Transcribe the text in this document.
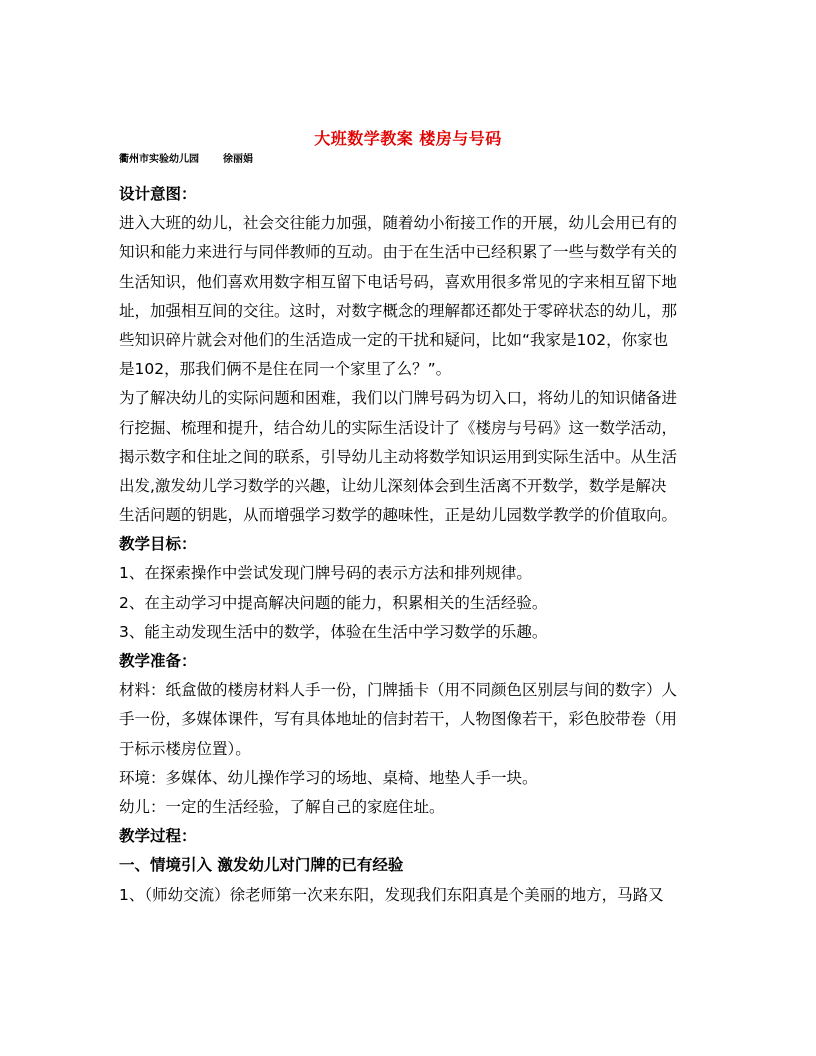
大班数学教案 楼房与号码
衢州市实验幼儿园 徐丽娟
设计意图：
进入大班的幼儿，社会交往能力加强，随着幼小衔接工作的开展，幼儿会用已有的
知识和能力来进行与同伴教师的互动。由于在生活中已经积累了一些与数学有关的
生活知识，他们喜欢用数字相互留下电话号码，喜欢用很多常见的字来相互留下地
址，加强相互间的交往。这时，对数字概念的理解都还都处于零碎状态的幼儿，那
些知识碎片就会对他们的生活造成一定的干扰和疑问，比如“我家是102，你家也
是102，那我们俩不是住在同一个家里了么？”。
为了解决幼儿的实际问题和困难，我们以门牌号码为切入口，将幼儿的知识储备进
行挖掘、梳理和提升，结合幼儿的实际生活设计了《楼房与号码》这一数学活动，
揭示数字和住址之间的联系，引导幼儿主动将数学知识运用到实际生活中。从生活
出发,激发幼儿学习数学的兴趣，让幼儿深刻体会到生活离不开数学，数学是解决
生活问题的钥匙，从而增强学习数学的趣味性，正是幼儿园数学教学的价值取向。
教学目标：
1、在探索操作中尝试发现门牌号码的表示方法和排列规律。
2、在主动学习中提高解决问题的能力，积累相关的生活经验。
3、能主动发现生活中的数学，体验在生活中学习数学的乐趣。
教学准备：
材料：纸盒做的楼房材料人手一份，门牌插卡（用不同颜色区别层与间的数字）人
手一份，多媒体课件，写有具体地址的信封若干，人物图像若干，彩色胶带卷（用
于标示楼房位置）。
环境：多媒体、幼儿操作学习的场地、桌椅、地垫人手一块。
幼儿：一定的生活经验，了解自己的家庭住址。
教学过程：
一、情境引入 激发幼儿对门牌的已有经验
1、（师幼交流）徐老师第一次来东阳，发现我们东阳真是个美丽的地方，马路又
